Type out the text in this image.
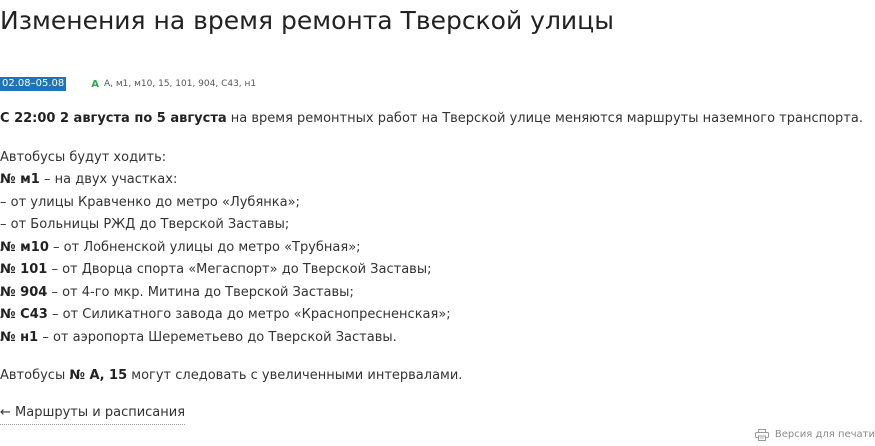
Изменения на время ремонта Тверской улицы
02.08–05.08	А А, м1, м10, 15, 101, 904, С43, н1

С 22:00 2 августа по 5 августа на время ремонтных работ на Тверской улице меняются маршруты наземного транспорта.

Автобусы будут ходить:

№ м1 – на двух участках:

– от улицы Кравченко до метро «Лубянка»;

– от Больницы РЖД до Тверской Заставы;

№ м10 – от Лобненской улицы до метро «Трубная»;

№ 101 – от Дворца спорта «Мегаспорт» до Тверской Заставы;

№ 904 – от 4-го мкр. Митина до Тверской Заставы;

№ С43 – от Силикатного завода до метро «Краснопресненская»;

№ н1 – от аэропорта Шереметьево до Тверской Заставы.

Автобусы № А, 15 могут следовать с увеличенными интервалами.

← Маршруты и расписания
Версия для печати
